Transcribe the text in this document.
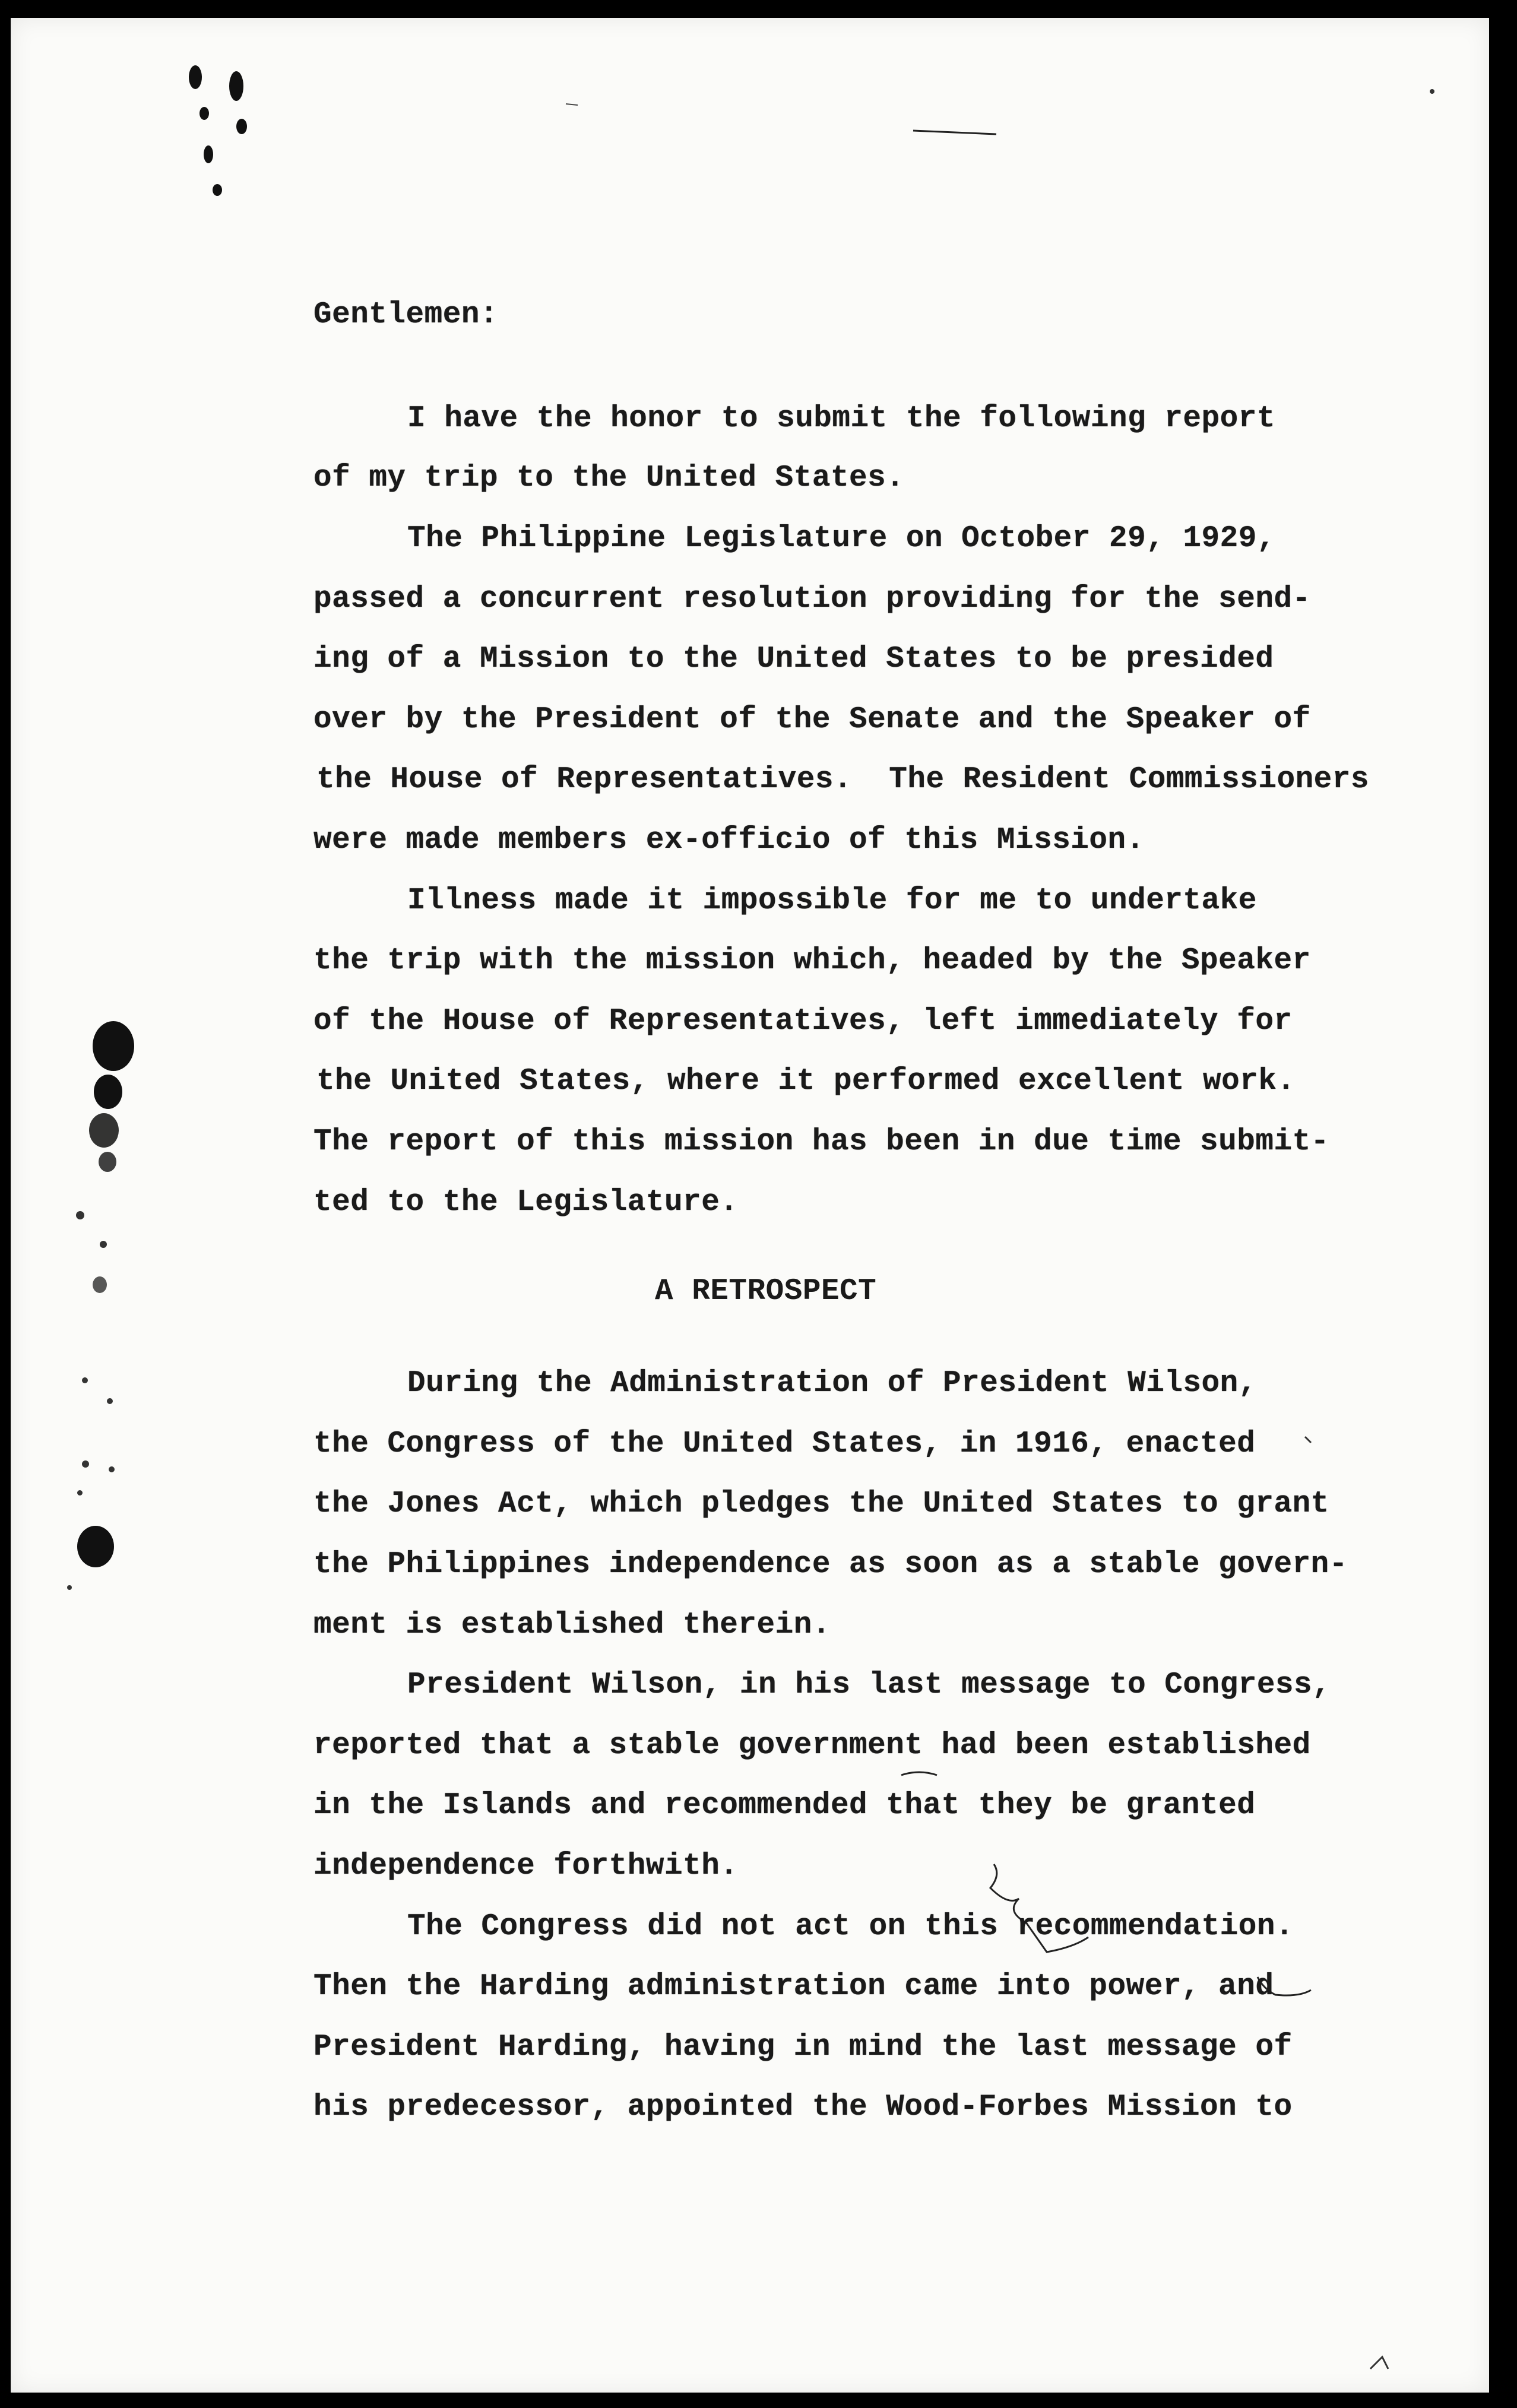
Gentlemen:
I have the honor to submit the following report
of my trip to the United States.
The Philippine Legislature on October 29, 1929,
passed a concurrent resolution providing for the send-
ing of a Mission to the United States to be presided
over by the President of the Senate and the Speaker of
the House of Representatives.  The Resident Commissioners
were made members ex-officio of this Mission.
Illness made it impossible for me to undertake
the trip with the mission which, headed by the Speaker
of the House of Representatives, left immediately for
the United States, where it performed excellent work.
The report of this mission has been in due time submit-
ted to the Legislature.
A RETROSPECT
During the Administration of President Wilson,
the Congress of the United States, in 1916, enacted
the Jones Act, which pledges the United States to grant
the Philippines independence as soon as a stable govern-
ment is established therein.
President Wilson, in his last message to Congress,
reported that a stable government had been established
in the Islands and recommended that they be granted
independence forthwith.
The Congress did not act on this recommendation.
Then the Harding administration came into power, and
President Harding, having in mind the last message of
his predecessor, appointed the Wood-Forbes Mission to
